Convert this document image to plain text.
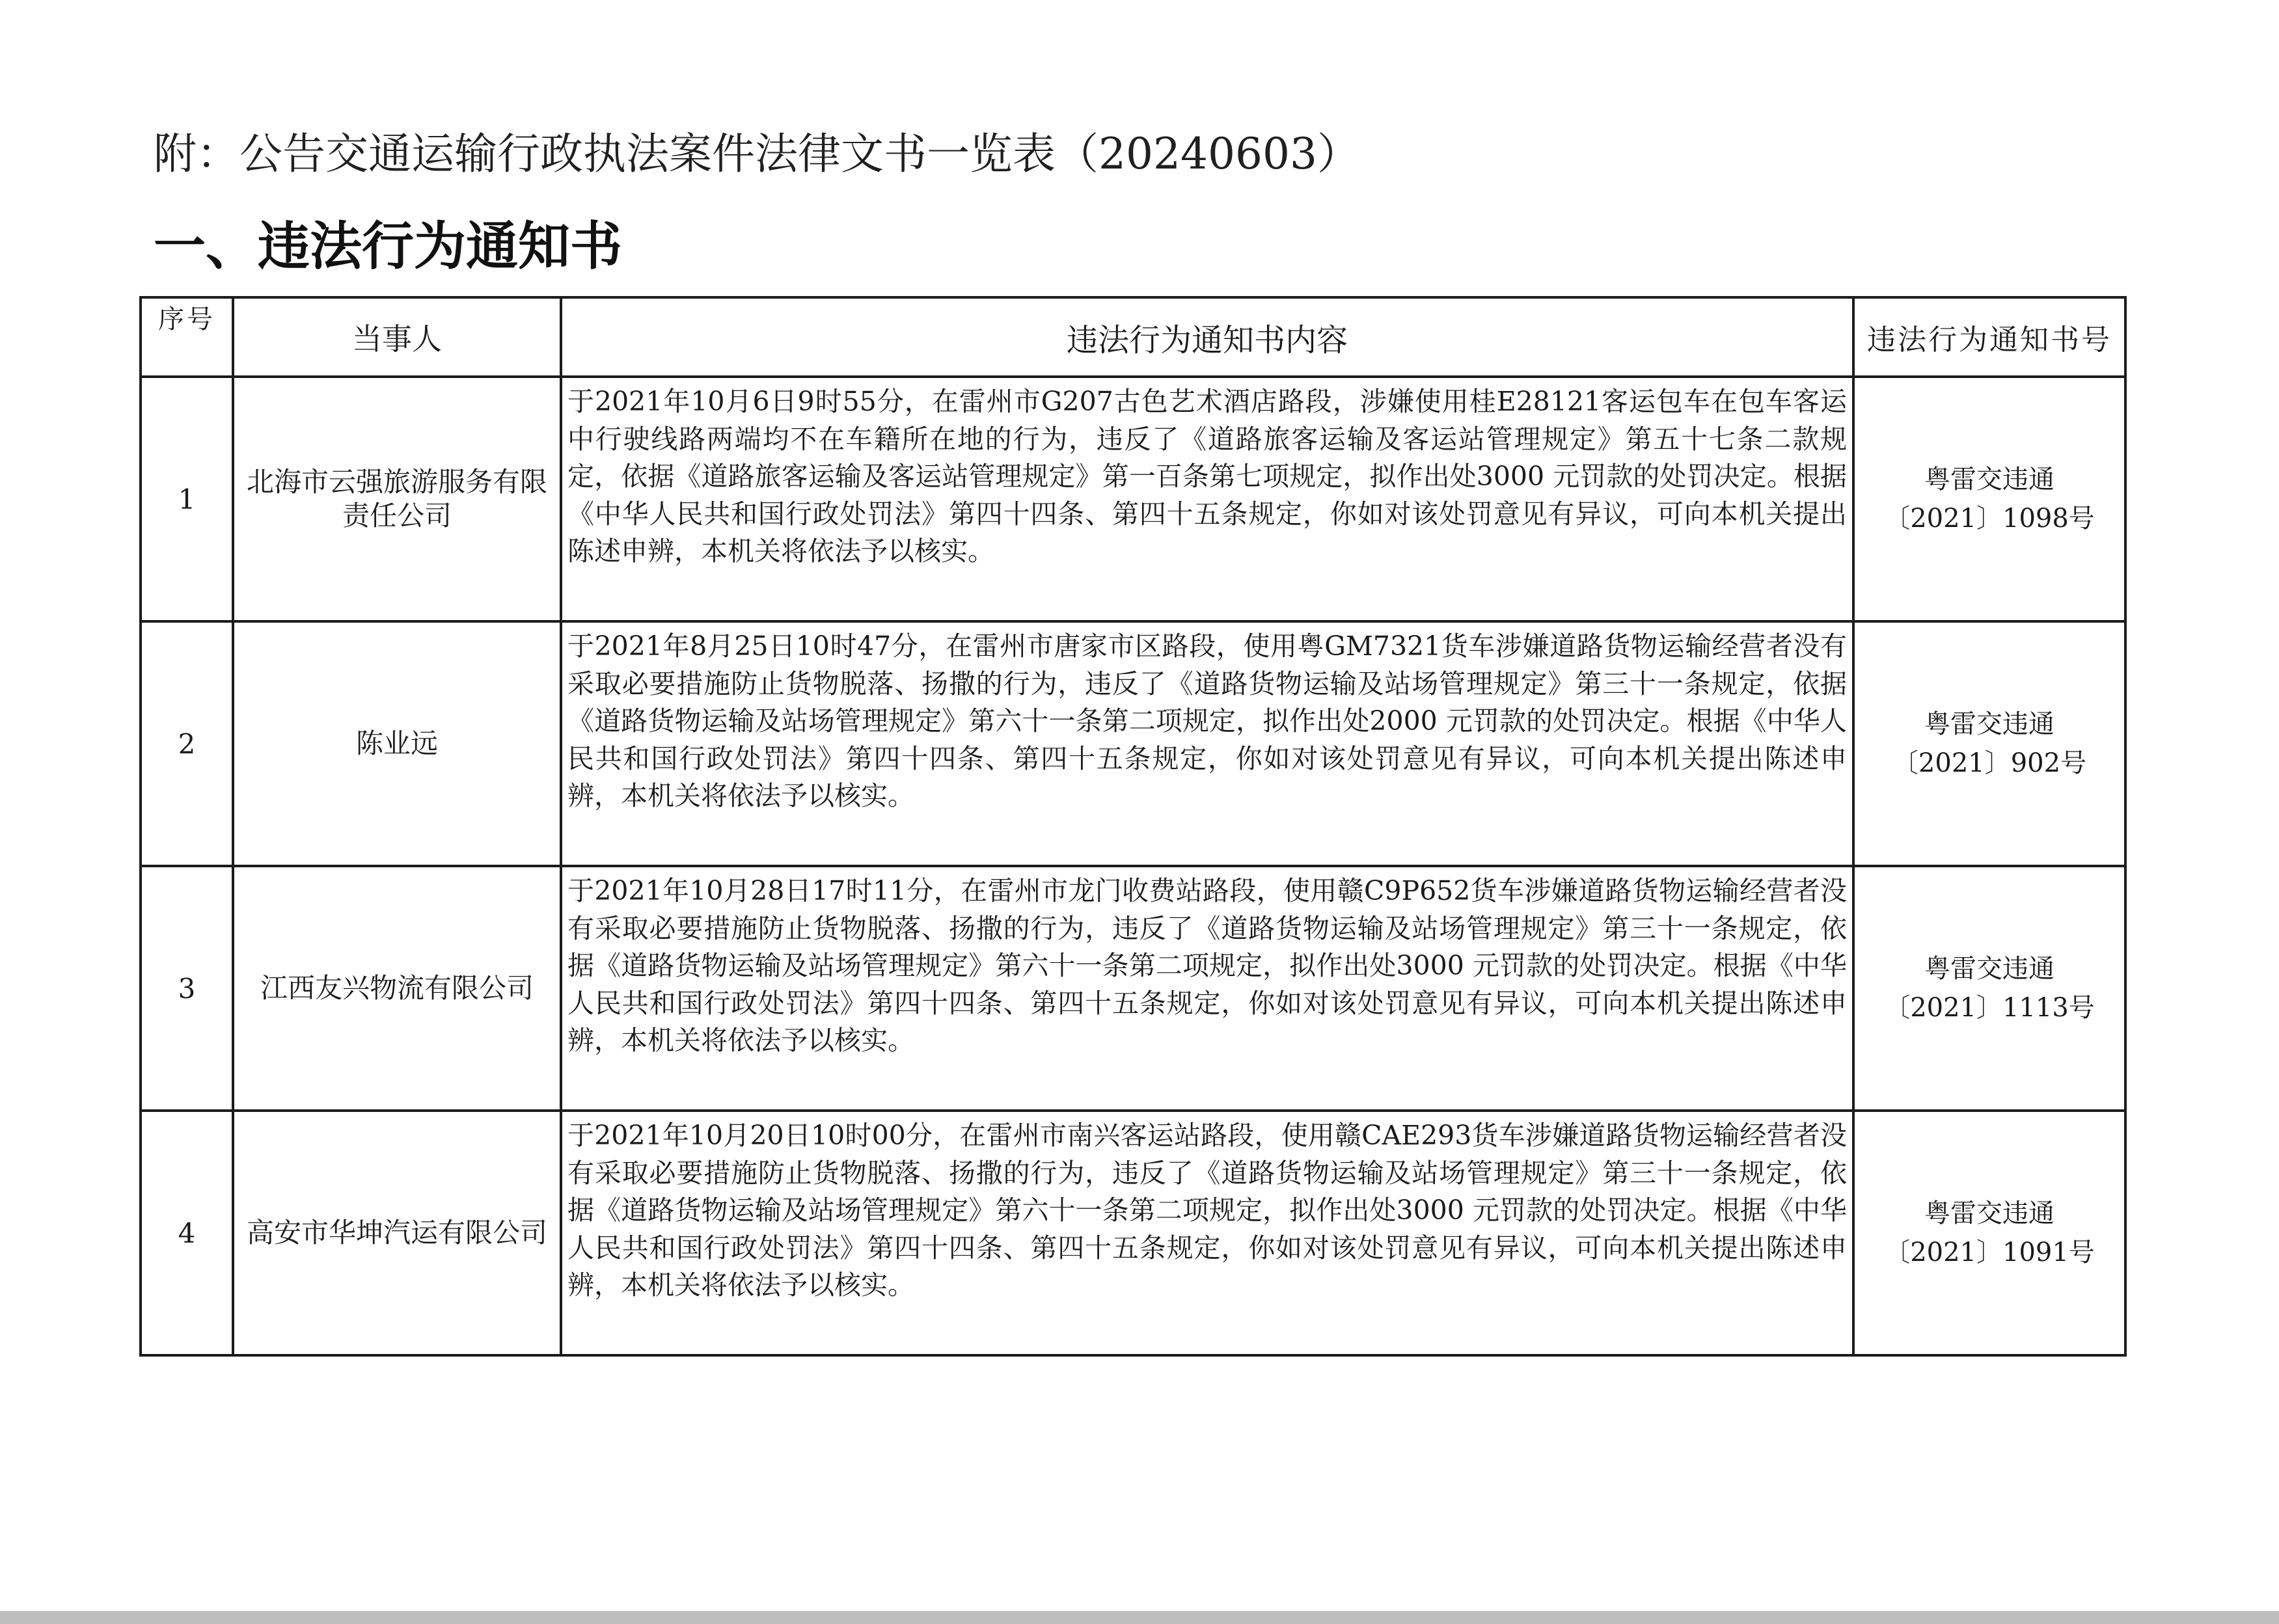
附：公告交通运输行政执法案件法律文书一览表（20240603）
一、违法行为通知书
序号	当事人	违法行为通知书内容	违法行为通知书号
1	北海市云强旅游服务有限责任公司	于2021年10月6日9时55分，在雷州市G207古色艺术酒店路段，涉嫌使用桂E28121客运包车在包车客运中行驶线路两端均不在车籍所在地的行为，违反了《道路旅客运输及客运站管理规定》第五十七条二款规定，依据《道路旅客运输及客运站管理规定》第一百条第七项规定，拟作出处3000 元罚款的处罚决定。根据《中华人民共和国行政处罚法》第四十四条、第四十五条规定，你如对该处罚意见有异议，可向本机关提出陈述申辨，本机关将依法予以核实。	粤雷交违通
〔2021〕1098号

2	陈业远	于2021年8月25日10时47分，在雷州市唐家市区路段，使用粤GM7321货车涉嫌道路货物运输经营者没有采取必要措施防止货物脱落、扬撒的行为，违反了《道路货物运输及站场管理规定》第三十一条规定，依据《道路货物运输及站场管理规定》第六十一条第二项规定，拟作出处2000 元罚款的处罚决定。根据《中华人民共和国行政处罚法》第四十四条、第四十五条规定，你如对该处罚意见有异议，可向本机关提出陈述申辨，本机关将依法予以核实。	粤雷交违通
〔2021〕902号

3	江西友兴物流有限公司	于2021年10月28日17时11分，在雷州市龙门收费站路段，使用赣C9P652货车涉嫌道路货物运输经营者没有采取必要措施防止货物脱落、扬撒的行为，违反了《道路货物运输及站场管理规定》第三十一条规定，依据《道路货物运输及站场管理规定》第六十一条第二项规定，拟作出处3000 元罚款的处罚决定。根据《中华人民共和国行政处罚法》第四十四条、第四十五条规定，你如对该处罚意见有异议，可向本机关提出陈述申辨，本机关将依法予以核实。	粤雷交违通
〔2021〕1113号

4	高安市华坤汽运有限公司	于2021年10月20日10时00分，在雷州市南兴客运站路段，使用赣CAE293货车涉嫌道路货物运输经营者没有采取必要措施防止货物脱落、扬撒的行为，违反了《道路货物运输及站场管理规定》第三十一条规定，依据《道路货物运输及站场管理规定》第六十一条第二项规定，拟作出处3000 元罚款的处罚决定。根据《中华人民共和国行政处罚法》第四十四条、第四十五条规定，你如对该处罚意见有异议，可向本机关提出陈述申辨，本机关将依法予以核实。	粤雷交违通
〔2021〕1091号
